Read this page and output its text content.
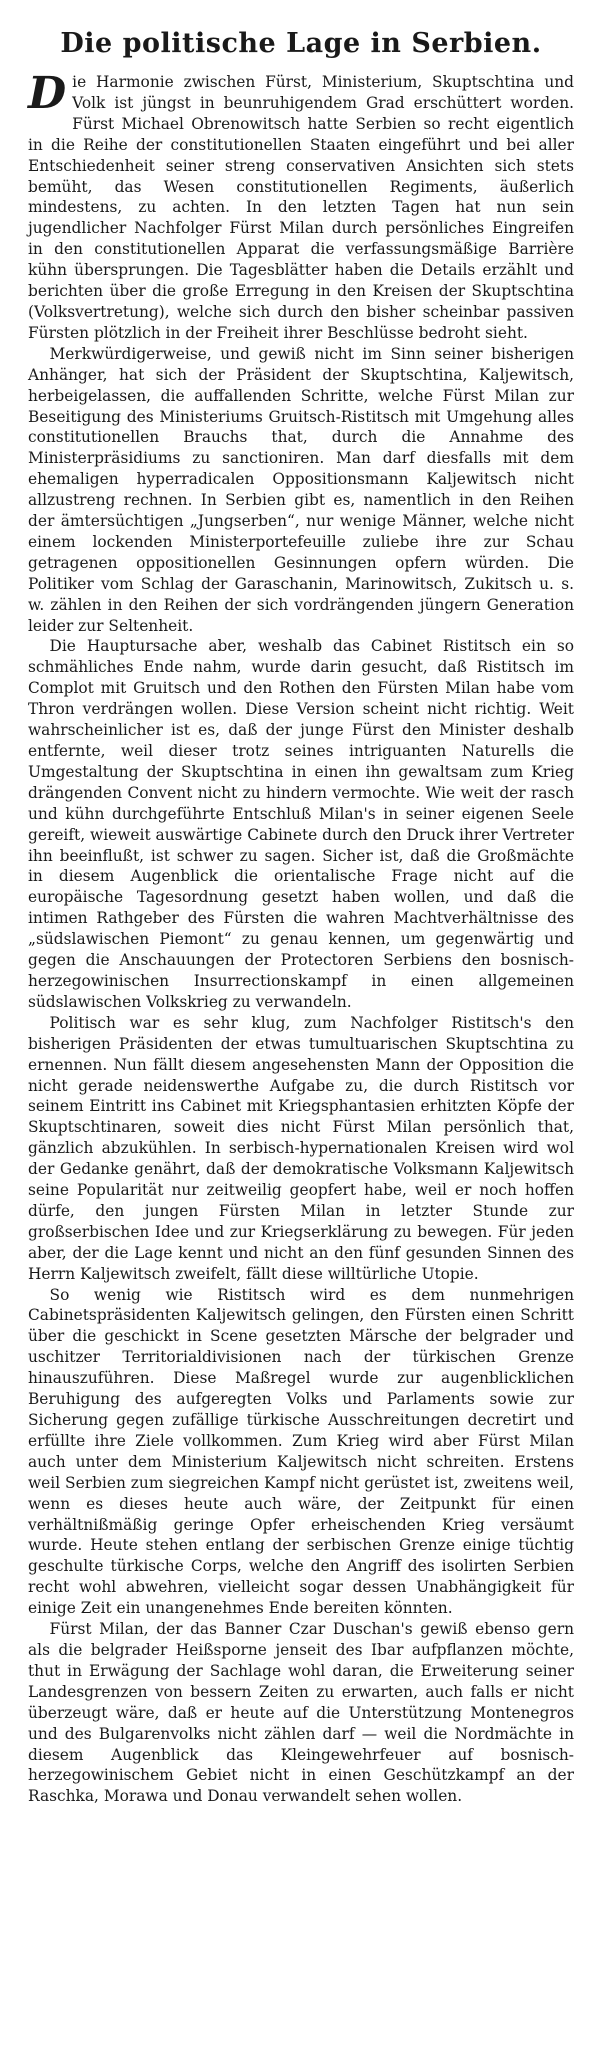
Die politische Lage in Serbien.

Die Harmonie zwischen Fürst, Ministerium, Skuptschtina und Volk ist jüngst in beunruhigendem Grad erschüttert worden. Fürst Michael Obrenowitsch hatte Serbien so recht eigentlich in die Reihe der constitutionellen Staaten eingeführt und bei aller Entschiedenheit seiner streng conservativen Ansichten sich stets bemüht, das Wesen constitutionellen Regiments, äußerlich mindestens, zu achten. In den letzten Tagen hat nun sein jugendlicher Nachfolger Fürst Milan durch persönliches Eingreifen in den constitutionellen Apparat die verfassungsmäßige Barrière kühn übersprungen. Die Tagesblätter haben die Details erzählt und berichten über die große Erregung in den Kreisen der Skuptschtina (Volksvertretung), welche sich durch den bisher scheinbar passiven Fürsten plötzlich in der Freiheit ihrer Beschlüsse bedroht sieht.

Merkwürdigerweise, und gewiß nicht im Sinn seiner bisherigen Anhänger, hat sich der Präsident der Skuptschtina, Kaljewitsch, herbeigelassen, die auffallenden Schritte, welche Fürst Milan zur Beseitigung des Ministeriums Gruitsch-Ristitsch mit Umgehung alles constitutionellen Brauchs that, durch die Annahme des Ministerpräsidiums zu sanctioniren. Man darf diesfalls mit dem ehemaligen hyperradicalen Oppositionsmann Kaljewitsch nicht allzustreng rechnen. In Serbien gibt es, namentlich in den Reihen der ämtersüchtigen „Jungserben“, nur wenige Männer, welche nicht einem lockenden Ministerportefeuille zuliebe ihre zur Schau getragenen oppositionellen Gesinnungen opfern würden. Die Politiker vom Schlag der Garaschanin, Marinowitsch, Zukitsch u. s. w. zählen in den Reihen der sich vordrängenden jüngern Generation leider zur Seltenheit.

Die Hauptursache aber, weshalb das Cabinet Ristitsch ein so schmähliches Ende nahm, wurde darin gesucht, daß Ristitsch im Complot mit Gruitsch und den Rothen den Fürsten Milan habe vom Thron verdrängen wollen. Diese Version scheint nicht richtig. Weit wahrscheinlicher ist es, daß der junge Fürst den Minister deshalb entfernte, weil dieser trotz seines intriguanten Naturells die Umgestaltung der Skuptschtina in einen ihn gewaltsam zum Krieg drängenden Convent nicht zu hindern vermochte. Wie weit der rasch und kühn durchgeführte Entschluß Milan's in seiner eigenen Seele gereift, wieweit auswärtige Cabinete durch den Druck ihrer Vertreter ihn beeinflußt, ist schwer zu sagen. Sicher ist, daß die Großmächte in diesem Augenblick die orientalische Frage nicht auf die europäische Tagesordnung gesetzt haben wollen, und daß die intimen Rathgeber des Fürsten die wahren Machtverhältnisse des „südslawischen Piemont“ zu genau kennen, um gegenwärtig und gegen die Anschauungen der Protectoren Serbiens den bosnisch-herzegowinischen Insurrectionskampf in einen allgemeinen südslawischen Volkskrieg zu verwandeln.

Politisch war es sehr klug, zum Nachfolger Ristitsch's den bisherigen Präsidenten der etwas tumultuarischen Skuptschtina zu ernennen. Nun fällt diesem angesehensten Mann der Opposition die nicht gerade neidenswerthe Aufgabe zu, die durch Ristitsch vor seinem Eintritt ins Cabinet mit Kriegsphantasien erhitzten Köpfe der Skuptschtinaren, soweit dies nicht Fürst Milan persönlich that, gänzlich abzukühlen. In serbisch-hypernationalen Kreisen wird wol der Gedanke genährt, daß der demokratische Volksmann Kaljewitsch seine Popularität nur zeitweilig geopfert habe, weil er noch hoffen dürfe, den jungen Fürsten Milan in letzter Stunde zur großserbischen Idee und zur Kriegserklärung zu bewegen. Für jeden aber, der die Lage kennt und nicht an den fünf gesunden Sinnen des Herrn Kaljewitsch zweifelt, fällt diese willtürliche Utopie.

So wenig wie Ristitsch wird es dem nunmehrigen Cabinetspräsidenten Kaljewitsch gelingen, den Fürsten einen Schritt über die geschickt in Scene gesetzten Märsche der belgrader und uschitzer Territorialdivisionen nach der türkischen Grenze hinauszuführen. Diese Maßregel wurde zur augenblicklichen Beruhigung des aufgeregten Volks und Parlaments sowie zur Sicherung gegen zufällige türkische Ausschreitungen decretirt und erfüllte ihre Ziele vollkommen. Zum Krieg wird aber Fürst Milan auch unter dem Ministerium Kaljewitsch nicht schreiten. Erstens weil Serbien zum siegreichen Kampf nicht gerüstet ist, zweitens weil, wenn es dieses heute auch wäre, der Zeitpunkt für einen verhältnißmäßig geringe Opfer erheischenden Krieg versäumt wurde. Heute stehen entlang der serbischen Grenze einige tüchtig geschulte türkische Corps, welche den Angriff des isolirten Serbien recht wohl abwehren, vielleicht sogar dessen Unabhängigkeit für einige Zeit ein unangenehmes Ende bereiten könnten.

Fürst Milan, der das Banner Czar Duschan's gewiß ebenso gern als die belgrader Heißsporne jenseit des Ibar aufpflanzen möchte, thut in Erwägung der Sachlage wohl daran, die Erweiterung seiner Landesgrenzen von bessern Zeiten zu erwarten, auch falls er nicht überzeugt wäre, daß er heute auf die Unterstützung Montenegros und des Bulgarenvolks nicht zählen darf — weil die Nordmächte in diesem Augenblick das Kleingewehrfeuer auf bosnisch-herzegowinischem Gebiet nicht in einen Geschützkampf an der Raschka, Morawa und Donau verwandelt sehen wollen.
